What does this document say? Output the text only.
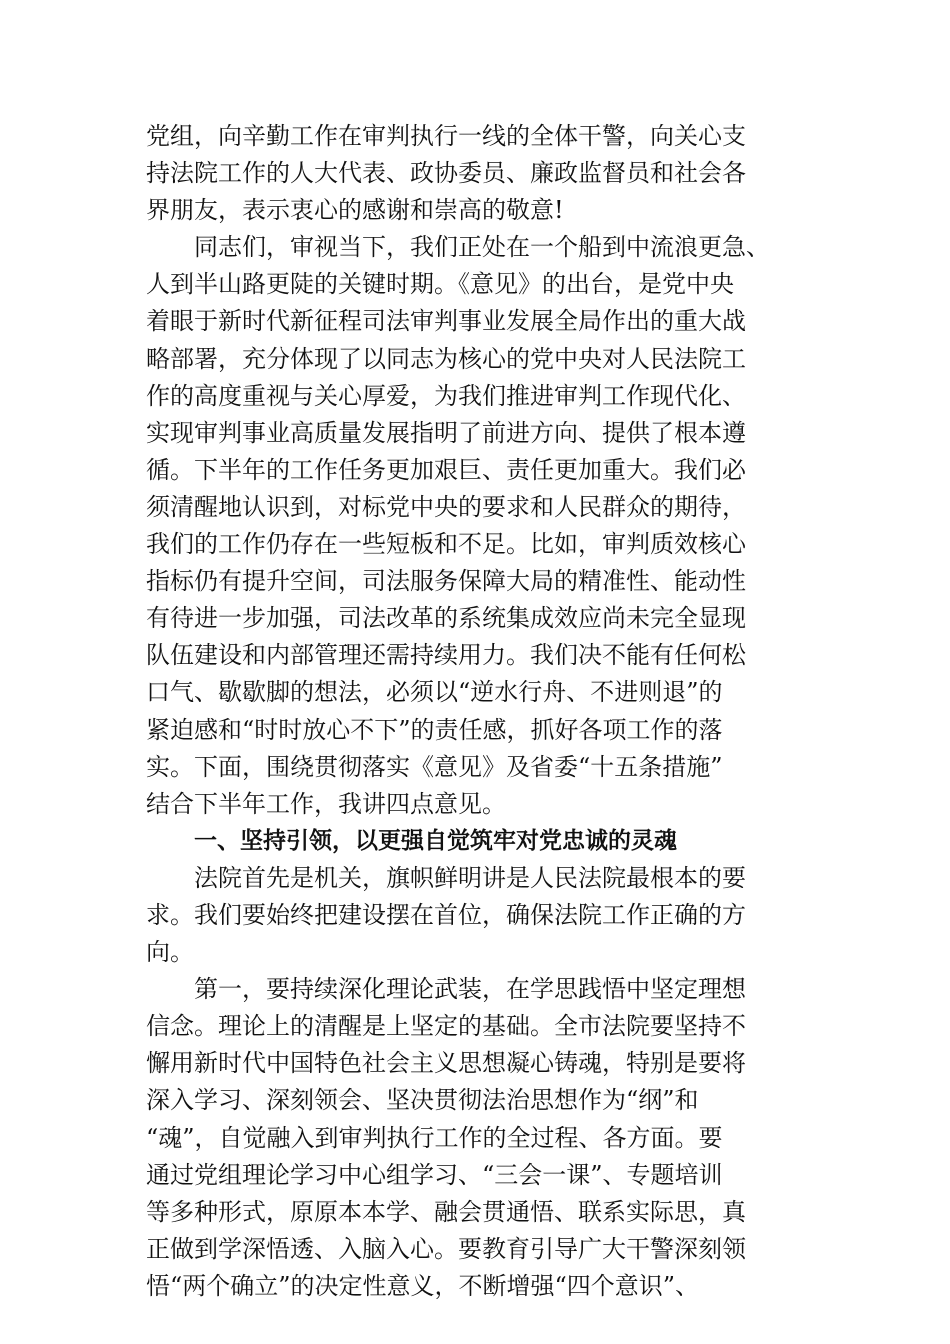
党组，向辛勤工作在审判执行一线的全体干警，向关心支
持法院工作的人大代表、政协委员、廉政监督员和社会各
界朋友，表示衷心的感谢和崇高的敬意!
　　同志们，审视当下，我们正处在一个船到中流浪更急、
人到半山路更陡的关键时期。《意见》的出台，是党中央
着眼于新时代新征程司法审判事业发展全局作出的重大战
略部署，充分体现了以同志为核心的党中央对人民法院工
作的高度重视与关心厚爱，为我们推进审判工作现代化、
实现审判事业高质量发展指明了前进方向、提供了根本遵
循。下半年的工作任务更加艰巨、责任更加重大。我们必
须清醒地认识到，对标党中央的要求和人民群众的期待，
我们的工作仍存在一些短板和不足。比如，审判质效核心
指标仍有提升空间，司法服务保障大局的精准性、能动性
有待进一步加强，司法改革的系统集成效应尚未完全显现
队伍建设和内部管理还需持续用力。我们决不能有任何松
口气、歇歇脚的想法，必须以“逆水行舟、不进则退”的
紧迫感和“时时放心不下”的责任感，抓好各项工作的落
实。下面，围绕贯彻落实《意见》及省委“十五条措施”
结合下半年工作，我讲四点意见。
一、坚持引领，以更强自觉筑牢对党忠诚的灵魂
　　法院首先是机关，旗帜鲜明讲是人民法院最根本的要
求。我们要始终把建设摆在首位，确保法院工作正确的方
向。
　　第一，要持续深化理论武装，在学思践悟中坚定理想
信念。理论上的清醒是上坚定的基础。全市法院要坚持不
懈用新时代中国特色社会主义思想凝心铸魂，特别是要将
深入学习、深刻领会、坚决贯彻法治思想作为“纲”和
“魂”，自觉融入到审判执行工作的全过程、各方面。要
通过党组理论学习中心组学习、“三会一课”、专题培训
等多种形式，原原本本学、融会贯通悟、联系实际思，真
正做到学深悟透、入脑入心。要教育引导广大干警深刻领
悟“两个确立”的决定性意义，不断增强“四个意识”、
